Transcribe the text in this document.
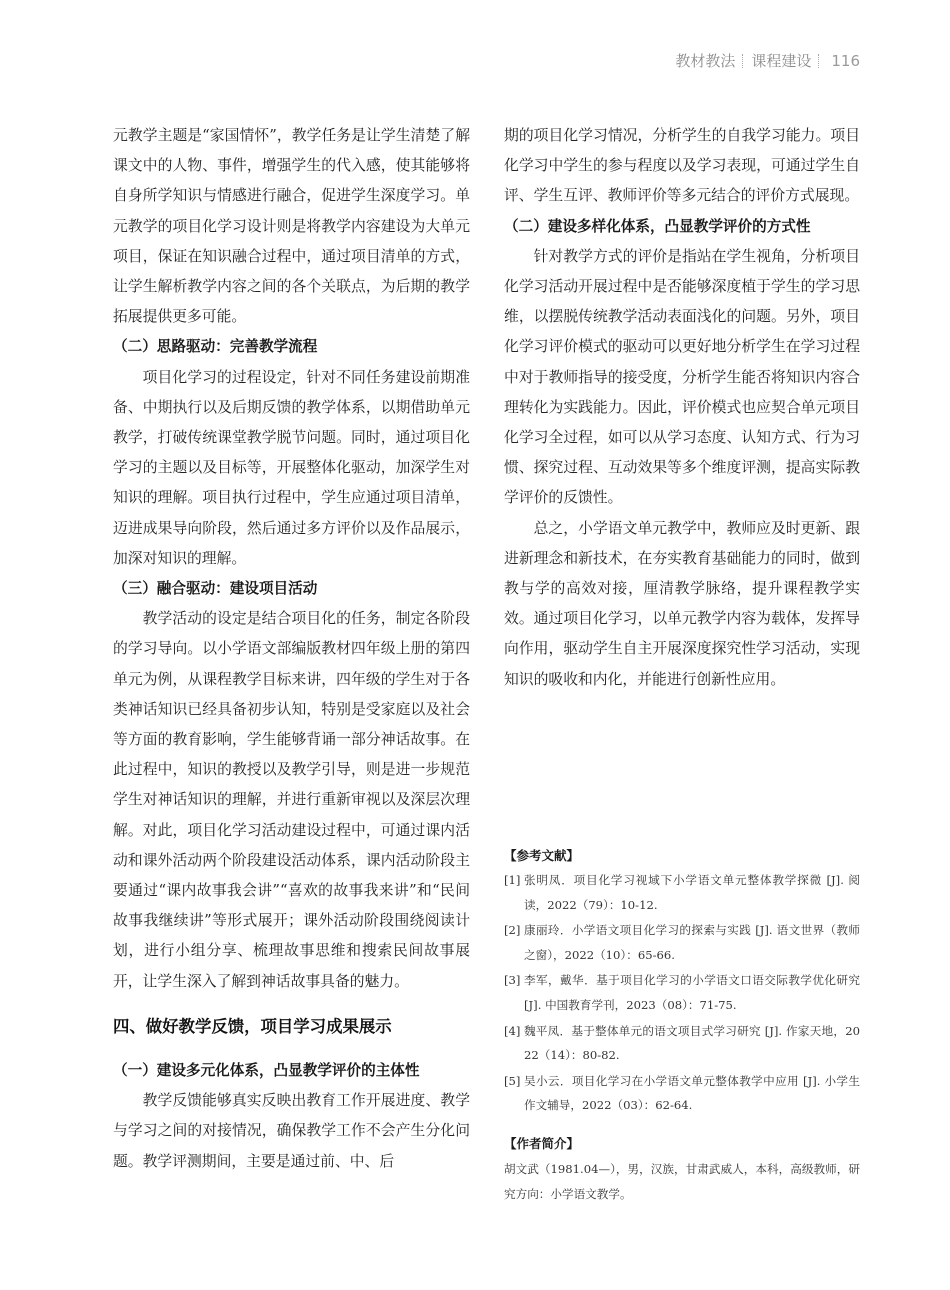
教材教法 课程建设 116

元教学主题是“家国情怀”，教学任务是让学生清楚了解课文中的人物、事件，增强学生的代入感，使其能够将自身所学知识与情感进行融合，促进学生深度学习。单元教学的项目化学习设计则是将教学内容建设为大单元项目，保证在知识融合过程中，通过项目清单的方式，让学生解析教学内容之间的各个关联点，为后期的教学拓展提供更多可能。

（二）思路驱动：完善教学流程

项目化学习的过程设定，针对不同任务建设前期准备、中期执行以及后期反馈的教学体系，以期借助单元教学，打破传统课堂教学脱节问题。同时，通过项目化学习的主题以及目标等，开展整体化驱动，加深学生对知识的理解。项目执行过程中，学生应通过项目清单，迈进成果导向阶段，然后通过多方评价以及作品展示，加深对知识的理解。

（三）融合驱动：建设项目活动

教学活动的设定是结合项目化的任务，制定各阶段的学习导向。以小学语文部编版教材四年级上册的第四单元为例，从课程教学目标来讲，四年级的学生对于各类神话知识已经具备初步认知，特别是受家庭以及社会等方面的教育影响，学生能够背诵一部分神话故事。在此过程中，知识的教授以及教学引导，则是进一步规范学生对神话知识的理解，并进行重新审视以及深层次理解。对此，项目化学习活动建设过程中，可通过课内活动和课外活动两个阶段建设活动体系，课内活动阶段主要通过“课内故事我会讲”“喜欢的故事我来讲”和“民间故事我继续讲”等形式展开；课外活动阶段围绕阅读计划，进行小组分享、梳理故事思维和搜索民间故事展开，让学生深入了解到神话故事具备的魅力。

四、做好教学反馈，项目学习成果展示
（一）建设多元化体系，凸显教学评价的主体性

教学反馈能够真实反映出教育工作开展进度、教学与学习之间的对接情况，确保教学工作不会产生分化问题。教学评测期间，主要是通过前、中、后

期的项目化学习情况，分析学生的自我学习能力。项目化学习中学生的参与程度以及学习表现，可通过学生自评、学生互评、教师评价等多元结合的评价方式展现。

（二）建设多样化体系，凸显教学评价的方式性

针对教学方式的评价是指站在学生视角，分析项目化学习活动开展过程中是否能够深度植于学生的学习思维，以摆脱传统教学活动表面浅化的问题。另外，项目化学习评价模式的驱动可以更好地分析学生在学习过程中对于教师指导的接受度，分析学生能否将知识内容合理转化为实践能力。因此，评价模式也应契合单元项目化学习全过程，如可以从学习态度、认知方式、行为习惯、探究过程、互动效果等多个维度评测，提高实际教学评价的反馈性。

总之，小学语文单元教学中，教师应及时更新、跟进新理念和新技术，在夯实教育基础能力的同时，做到教与学的高效对接，厘清教学脉络，提升课程教学实效。通过项目化学习，以单元教学内容为载体，发挥导向作用，驱动学生自主开展深度探究性学习活动，实现知识的吸收和内化，并能进行创新性应用。

【参考文献】
[1] 张明凤．项目化学习视域下小学语文单元整体教学探微 [J]. 阅读，2022（79）：10-12.
[2] 康丽玲．小学语文项目化学习的探索与实践 [J]. 语文世界（教师之窗），2022（10）：65-66.
[3] 李军，戴华．基于项目化学习的小学语文口语交际教学优化研究 [J]. 中国教育学刊，2023（08）：71-75.
[4] 魏平凤．基于整体单元的语文项目式学习研究 [J]. 作家天地，2022（14）：80-82.
[5] 吴小云．项目化学习在小学语文单元整体教学中应用 [J]. 小学生作文辅导，2022（03）：62-64.
【作者简介】
胡文武（1981.04—），男，汉族，甘肃武威人，本科，高级教师，研究方向：小学语文教学。
